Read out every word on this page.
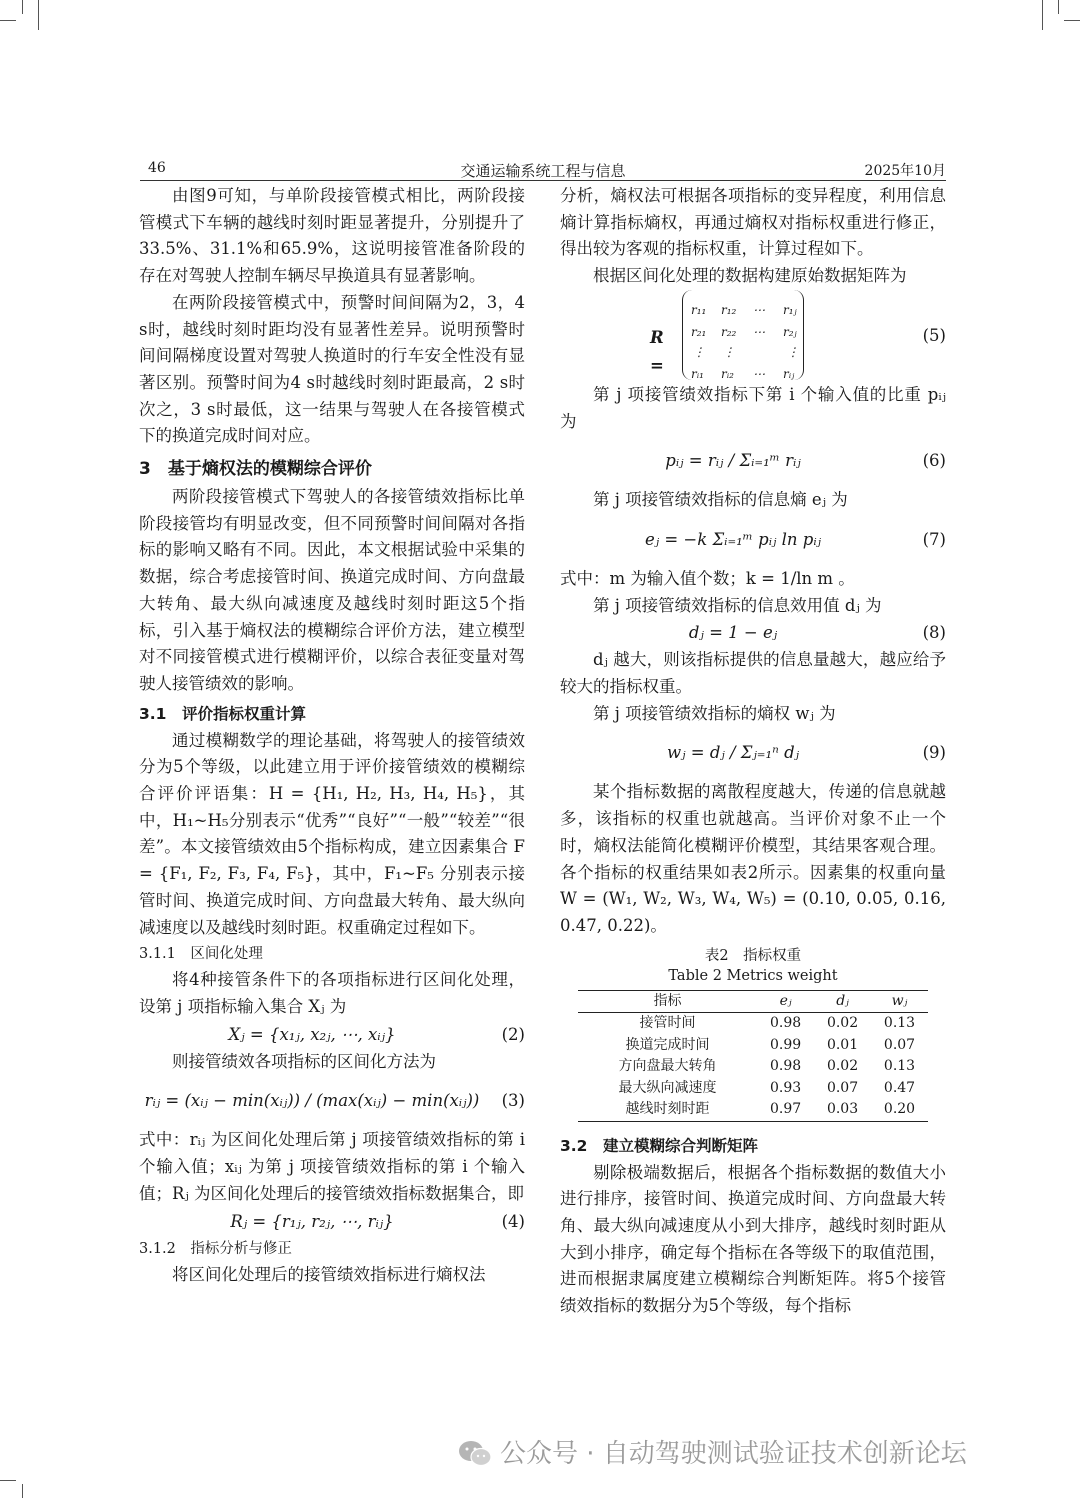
46	交通运输系统工程与信息	2025年10月

由图9可知，与单阶段接管模式相比，两阶段接管模式下车辆的越线时刻时距显著提升，分别提升了33.5%、31.1%和65.9%，这说明接管准备阶段的存在对驾驶人控制车辆尽早换道具有显著影响。

在两阶段接管模式中，预警时间间隔为2，3，4 s时，越线时刻时距均没有显著性差异。说明预警时间间隔梯度设置对驾驶人换道时的行车安全性没有显著区别。预警时间为4 s时越线时刻时距最高，2 s时次之，3 s时最低，这一结果与驾驶人在各接管模式下的换道完成时间对应。

3　基于熵权法的模糊综合评价

两阶段接管模式下驾驶人的各接管绩效指标比单阶段接管均有明显改变，但不同预警时间间隔对各指标的影响又略有不同。因此，本文根据试验中采集的数据，综合考虑接管时间、换道完成时间、方向盘最大转角、最大纵向减速度及越线时刻时距这5个指标，引入基于熵权法的模糊综合评价方法，建立模型对不同接管模式进行模糊评价，以综合表征变量对驾驶人接管绩效的影响。

3.1　评价指标权重计算

通过模糊数学的理论基础，将驾驶人的接管绩效分为5个等级，以此建立用于评价接管绩效的模糊综合评价评语集：H = {H₁, H₂, H₃, H₄, H₅}，其中，H₁~H₅分别表示“优秀”“良好”“一般”“较差”“很差”。本文接管绩效由5个指标构成，建立因素集合 F = {F₁, F₂, F₃, F₄, F₅}，其中，F₁~F₅ 分别表示接管时间、换道完成时间、方向盘最大转角、最大纵向减速度以及越线时刻时距。权重确定过程如下。

3.1.1　区间化处理

将4种接管条件下的各项指标进行区间化处理，设第 j 项指标输入集合 Xⱼ 为

Xⱼ = {x₁ⱼ, x₂ⱼ, ⋯, xᵢⱼ}	(2)

则接管绩效各项指标的区间化方法为

rᵢⱼ = (xᵢⱼ − min(xᵢⱼ)) / (max(xᵢⱼ) − min(xᵢⱼ))	(3)

式中：rᵢⱼ 为区间化处理后第 j 项接管绩效指标的第 i 个输入值；xᵢⱼ 为第 j 项接管绩效指标的第 i 个输入值；Rⱼ 为区间化处理后的接管绩效指标数据集合，即

Rⱼ = {r₁ⱼ, r₂ⱼ, ⋯, rᵢⱼ}	(4)
3.1.2　指标分析与修正

将区间化处理后的接管绩效指标进行熵权法

分析，熵权法可根据各项指标的变异程度，利用信息熵计算指标熵权，再通过熵权对指标权重进行修正，得出较为客观的指标权重，计算过程如下。

根据区间化处理的数据构建原始数据矩阵为

R =
r₁₁ r₁₂ ⋯ r₁ⱼ
r₂₁ r₂₂ ⋯ r₂ⱼ
⋮ ⋮	⋮
rᵢ₁ rᵢ₂ ⋯ rᵢⱼ
(5)

第 j 项接管绩效指标下第 i 个输入值的比重 pᵢⱼ 为

pᵢⱼ = rᵢⱼ / Σᵢ₌₁ᵐ rᵢⱼ	(6)

第 j 项接管绩效指标的信息熵 eⱼ 为

eⱼ = −k Σᵢ₌₁ᵐ pᵢⱼ ln pᵢⱼ	(7)

式中：m 为输入值个数；k = 1/ln m 。

第 j 项接管绩效指标的信息效用值 dⱼ 为

dⱼ = 1 − eⱼ	(8)

dⱼ 越大，则该指标提供的信息量越大，越应给予较大的指标权重。

第 j 项接管绩效指标的熵权 wⱼ 为

wⱼ = dⱼ / Σⱼ₌₁ⁿ dⱼ	(9)

某个指标数据的离散程度越大，传递的信息就越多，该指标的权重也就越高。当评价对象不止一个时，熵权法能简化模糊评价模型，其结果客观合理。各个指标的权重结果如表2所示。因素集的权重向量 W = (W₁, W₂, W₃, W₄, W₅) = (0.10, 0.05, 0.16, 0.47, 0.22)。

表2　指标权重
Table 2 Metrics weight
指标	eⱼ	dⱼ	wⱼ
接管时间	0.98	0.02	0.13
换道完成时间	0.99	0.01	0.07
方向盘最大转角	0.98	0.02	0.13
最大纵向减速度	0.93	0.07	0.47
越线时刻时距	0.97	0.03	0.20
3.2　建立模糊综合判断矩阵

剔除极端数据后，根据各个指标数据的数值大小进行排序，接管时间、换道完成时间、方向盘最大转角、最大纵向减速度从小到大排序，越线时刻时距从大到小排序，确定每个指标在各等级下的取值范围，进而根据隶属度建立模糊综合判断矩阵。将5个接管绩效指标的数据分为5个等级，每个指标

公众号 · 自动驾驶测试验证技术创新论坛
